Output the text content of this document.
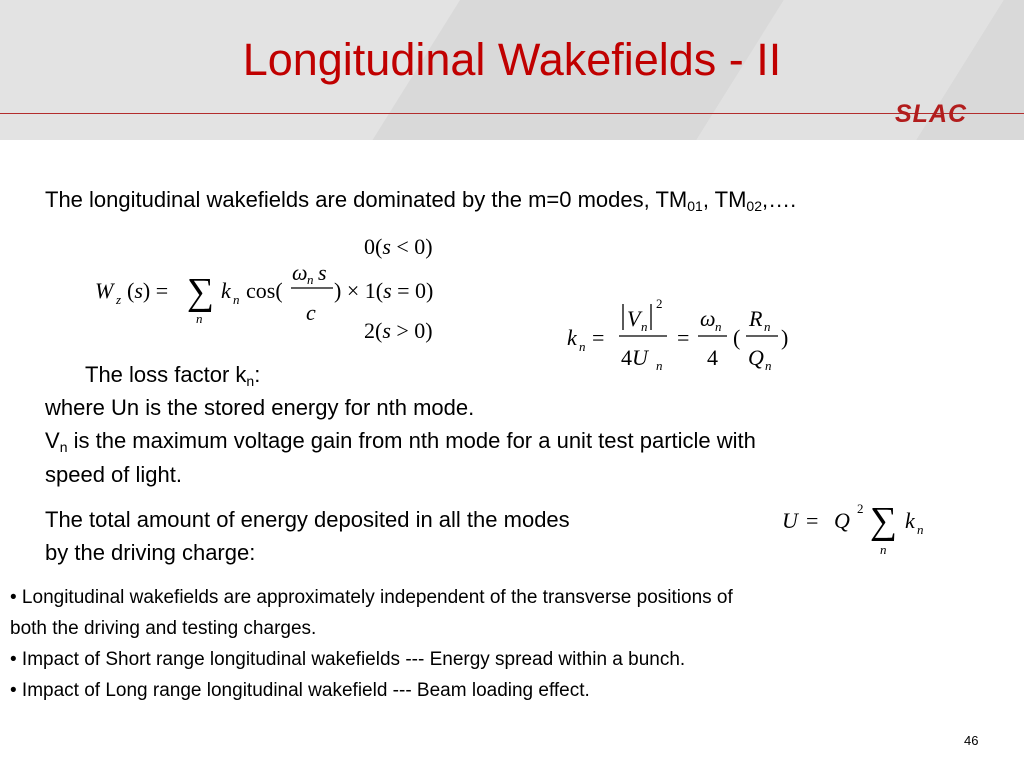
Longitudinal Wakefields - II
SLAC
The longitudinal wakefields are dominated by the m=0 modes, $TM_{01}$, $TM_{02},\dots$.
0(s < 0)
W z (s) = ∑
n
k n cos(
ω n s
c
) × 1(s = 0)
2(s > 0)	k n =
V n
2
4U n
=
ω n
4
(
R n
Q n
)
The loss factor $k_n$:
where Un is the stored energy for nth mode.
$V_n$ is the maximum voltage gain from nth mode for a unit test particle with
speed of light.
The total amount of energy deposited in all the modes
by the driving charge:
U = Q 2 ∑
n
k n
• Longitudinal wakefields are approximately independent of the transverse positions of
both the driving and testing charges.
• Impact of Short range longitudinal wakefields --- Energy spread within a bunch.
• Impact of Long range longitudinal wakefield --- Beam loading effect.
46
